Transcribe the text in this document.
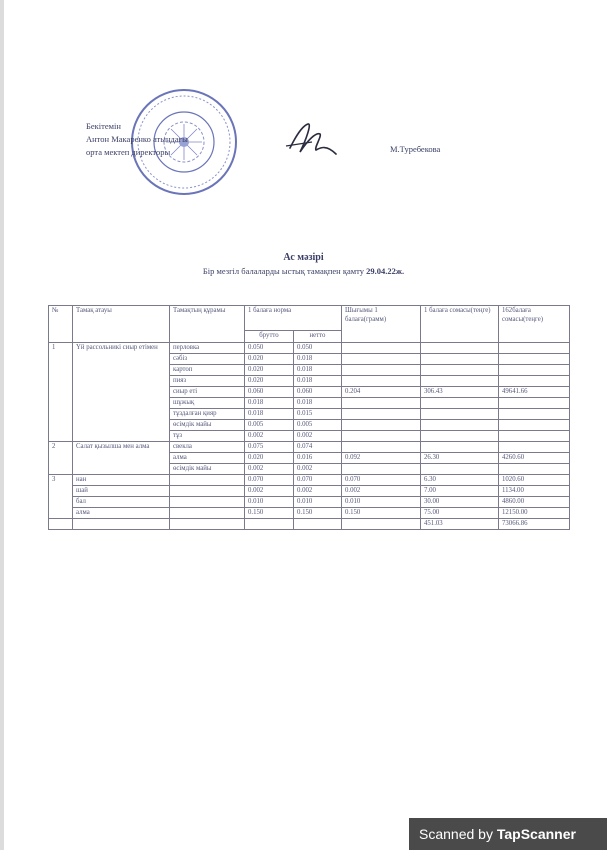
Бекітемін
Антон Макаренко атындағы
орта мектеп директоры	М.Туребекова
Ас мәзірі
Бір мезгіл балаларды ыстық тамақпен қамту 29.04.22ж.
№	Тамақ атауы	Тамақтың құрамы	1 балаға норма		Шығымы 1 балаға(грамм)	1 балаға сомасы(теңге)	162балаға сомасы(теңге)
			брутто	нетто			
1	Үй рассольникі сиыр етімен	перловка	0.050	0.050			
		сәбіз	0.020	0.018			
		картоп	0.020	0.018			
		пияз	0.020	0.018			
		сиыр еті	0.060	0.060	0.204	306.43	49641.66
		шұжық	0.018	0.018			
		тұздалған қияр	0.018	0.015			
		өсімдік майы	0.005	0.005			
		тұз	0.002	0.002			
2	Салат қызылша мен алма	свекла	0.075	0.074			
		алма	0.020	0.016	0.092	26.30	4260.60
		өсімдік майы	0.002	0.002			
3	нан		0.070	0.070	0.070	6.30	1020.60
	шай		0.002	0.002	0.002	7.00	1134.00
	бал		0.010	0.010	0.010	30.00	4860.00
	алма		0.150	0.150	0.150	75.00	12150.00
						451.03	73066.86
Scanned by TapScanner
